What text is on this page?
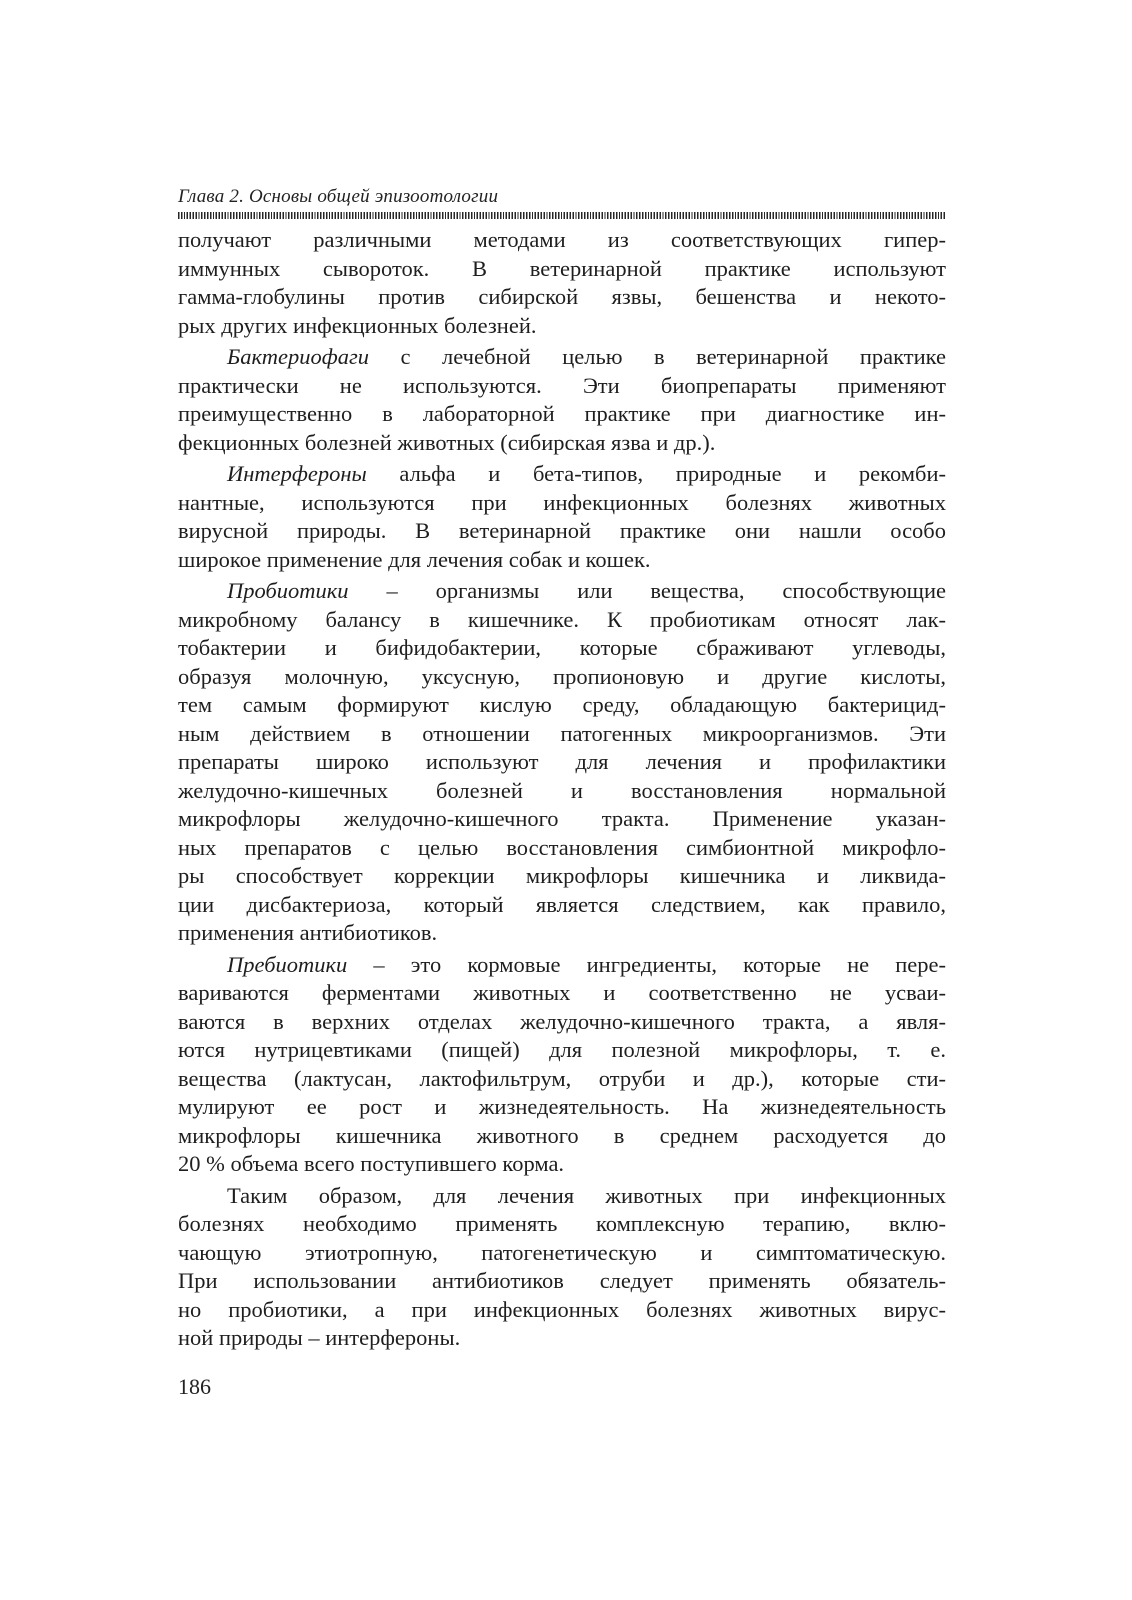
Глава 2. Основы общей эпизоотологии
получают различными методами из соответствующих гипер-
иммунных сывороток. В ветеринарной практике используют
гамма-глобулины против сибирской язвы, бешенства и некото-
рых других инфекционных болезней.
Бактериофаги с лечебной целью в ветеринарной практике
практически не используются. Эти биопрепараты применяют
преимущественно в лабораторной практике при диагностике ин-
фекционных болезней животных (сибирская язва и др.).
Интерфероны альфа и бета-типов, природные и рекомби-
нантные, используются при инфекционных болезнях животных
вирусной природы. В ветеринарной практике они нашли особо
широкое применение для лечения собак и кошек.
Пробиотики – организмы или вещества, способствующие
микробному балансу в кишечнике. К пробиотикам относят лак-
тобактерии и бифидобактерии, которые сбраживают углеводы,
образуя молочную, уксусную, пропионовую и другие кислоты,
тем самым формируют кислую среду, обладающую бактерицид-
ным действием в отношении патогенных микроорганизмов. Эти
препараты широко используют для лечения и профилактики
желудочно-кишечных болезней и восстановления нормальной
микрофлоры желудочно-кишечного тракта. Применение указан-
ных препаратов с целью восстановления симбионтной микрофло-
ры способствует коррекции микрофлоры кишечника и ликвида-
ции дисбактериоза, который является следствием, как правило,
применения антибиотиков.
Пребиотики – это кормовые ингредиенты, которые не пере-
вариваются ферментами животных и соответственно не усваи-
ваются в верхних отделах желудочно-кишечного тракта, а явля-
ются нутрицевтиками (пищей) для полезной микрофлоры, т. е.
вещества (лактусан, лактофильтрум, отруби и др.), которые сти-
мулируют ее рост и жизнедеятельность. На жизнедеятельность
микрофлоры кишечника животного в среднем расходуется до
20 % объема всего поступившего корма.
Таким образом, для лечения животных при инфекционных
болезнях необходимо применять комплексную терапию, вклю-
чающую этиотропную, патогенетическую и симптоматическую.
При использовании антибиотиков следует применять обязатель-
но пробиотики, а при инфекционных болезнях животных вирус-
ной природы – интерфероны.
186
